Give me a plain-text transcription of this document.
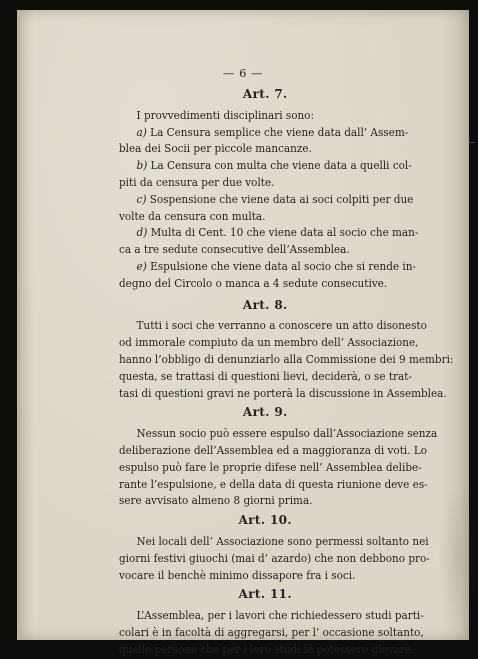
— 6 —
Art. 7.

I provvedimenti disciplinari sono:

a) La Censura semplice che viene data dall’ Assem-
blea dei Socii per piccole mancanze.
b) La Censura con multa che viene data a quelli col-
piti da censura per due volte.
c) Sospensione che viene data ai soci colpiti per due
volte da censura con multa.
d) Multa di Cent. 10 che viene data al socio che man-
ca a tre sedute consecutive dell’Assemblea.
e) Espulsione che viene data al socio che si rende in-
degno del Circolo o manca a 4 sedute consecutive.
Art. 8.
Tutti i soci che verranno a conoscere un atto disonesto
od immorale compiuto da un membro dell’ Associazione,
hanno l’obbligo di denunziarlo alla Commissione dei 9 membri:
questa, se trattasi di questioni lievi, deciderà, o se trat-
tasi di questioni gravi ne porterà la discussione in Assemblea.
Art. 9.
Nessun socio può essere espulso dall’Associazione senza
deliberazione dell’Assemblea ed a maggioranza di voti. Lo
espulso può fare le proprie difese nell’ Assemblea delibe-
rante l’espulsione, e della data di questa riunione deve es-
sere avvisato almeno 8 giorni prima.
Art. 10.
Nei locali dell’ Associazione sono permessi soltanto nei
giorni festivi giuochi (mai d’ azardo) che non debbono pro-
vocare il benchè minimo dissapore fra i soci.
Art. 11.
L’Assemblea, per i lavori che richiedessero studi parti-
colari è in facoltà di aggregarsi, per l’ occasione soltanto,
quelle persone che per i loro studi le potessero giovare.
